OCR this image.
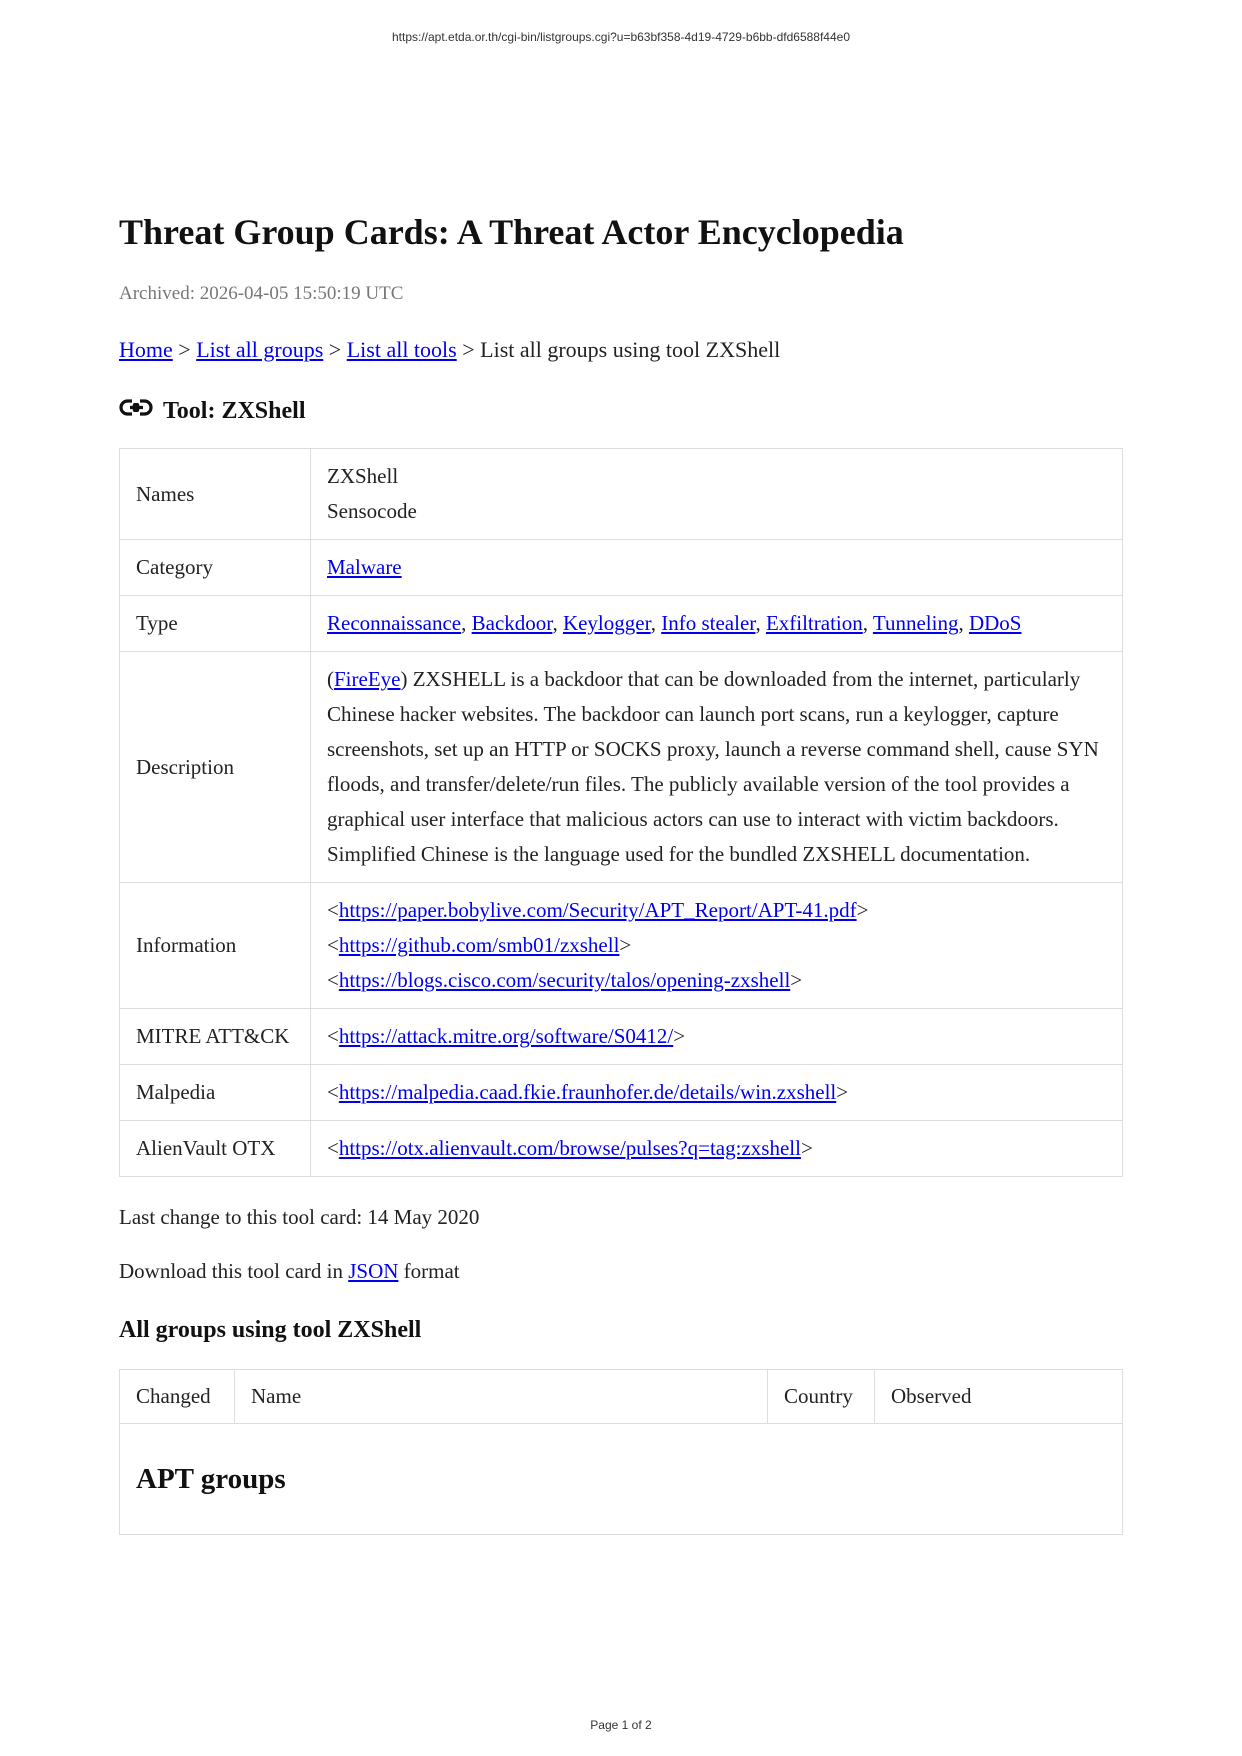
https://apt.etda.or.th/cgi-bin/listgroups.cgi?u=b63bf358-4d19-4729-b6bb-dfd6588f44e0
Threat Group Cards: A Threat Actor Encyclopedia
Archived: 2026-04-05 15:50:19 UTC
Home > List all groups > List all tools > List all groups using tool ZXShell
Tool: ZXShell
Names	ZXShell
Sensocode

Category	Malware
Type	Reconnaissance, Backdoor, Keylogger, Info stealer, Exfiltration, Tunneling, DDoS
Description	(FireEye) ZXSHELL is a backdoor that can be downloaded from the internet, particularly Chinese hacker websites. The backdoor can launch port scans, run a keylogger, capture screenshots, set up an HTTP or SOCKS proxy, launch a reverse command shell, cause SYN floods, and transfer/delete/run files. The publicly available version of the tool provides a graphical user interface that malicious actors can use to interact with victim backdoors. Simplified Chinese is the language used for the bundled ZXSHELL documentation.
Information	<https://paper.bobylive.com/Security/APT_Report/APT-41.pdf>
<https://github.com/smb01/zxshell>
<https://blogs.cisco.com/security/talos/opening-zxshell>

MITRE ATT&CK	<https://attack.mitre.org/software/S0412/>
Malpedia	<https://malpedia.caad.fkie.fraunhofer.de/details/win.zxshell>
AlienVault OTX	<https://otx.alienvault.com/browse/pulses?q=tag:zxshell>
Last change to this tool card: 14 May 2020
Download this tool card in JSON format
All groups using tool ZXShell
Changed	Name	Country	Observed
APT groups
Page 1 of 2
